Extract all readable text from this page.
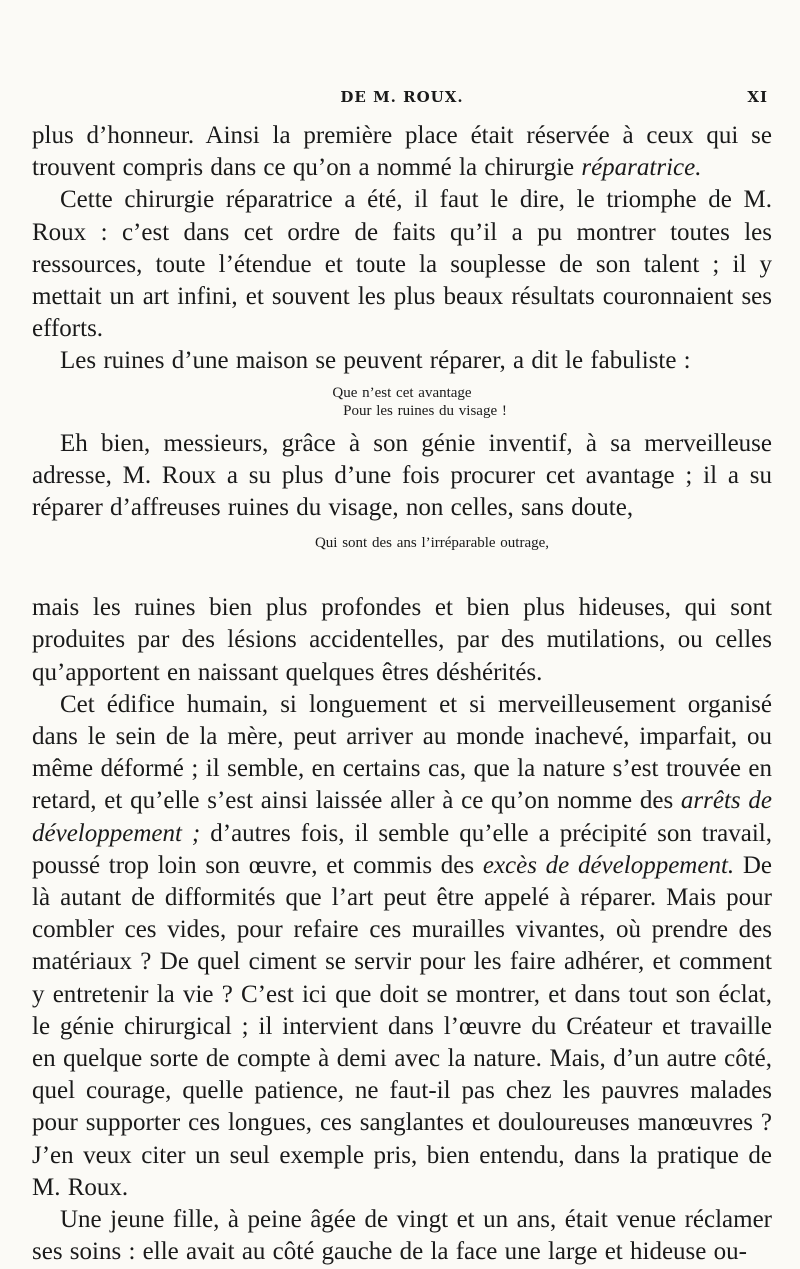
DE M. ROUX.	XI

plus d’honneur. Ainsi la première place était réservée à ceux qui se trouvent compris dans ce qu’on a nommé la chirurgie réparatrice.

Cette chirurgie réparatrice a été, il faut le dire, le triomphe de M. Roux : c’est dans cet ordre de faits qu’il a pu montrer toutes les ressources, toute l’étendue et toute la souplesse de son talent ; il y mettait un art infini, et souvent les plus beaux résultats couronnaient ses efforts.

Les ruines d’une maison se peuvent réparer, a dit le fabuliste :

Que n’est cet avantage
Pour les ruines du visage !

Eh bien, messieurs, grâce à son génie inventif, à sa merveilleuse adresse, M. Roux a su plus d’une fois procurer cet avantage ; il a su réparer d’affreuses ruines du visage, non celles, sans doute,

Qui sont des ans l’irréparable outrage,

mais les ruines bien plus profondes et bien plus hideuses, qui sont produites par des lésions accidentelles, par des mutilations, ou celles qu’apportent en naissant quelques êtres déshérités.

Cet édifice humain, si longuement et si merveilleusement organisé dans le sein de la mère, peut arriver au monde inachevé, imparfait, ou même déformé ; il semble, en certains cas, que la nature s’est trouvée en retard, et qu’elle s’est ainsi laissée aller à ce qu’on nomme des arrêts de développement ; d’autres fois, il semble qu’elle a précipité son travail, poussé trop loin son œuvre, et commis des excès de développement. De là autant de difformités que l’art peut être appelé à réparer. Mais pour combler ces vides, pour refaire ces murailles vivantes, où prendre des matériaux ? De quel ciment se servir pour les faire adhérer, et comment y entretenir la vie ? C’est ici que doit se montrer, et dans tout son éclat, le génie chirurgical ; il intervient dans l’œuvre du Créateur et travaille en quelque sorte de compte à demi avec la nature. Mais, d’un autre côté, quel courage, quelle patience, ne faut-il pas chez les pauvres malades pour supporter ces longues, ces sanglantes et douloureuses manœuvres ? J’en veux citer un seul exemple pris, bien entendu, dans la pratique de M. Roux.

Une jeune fille, à peine âgée de vingt et un ans, était venue réclamer ses soins : elle avait au côté gauche de la face une large et hideuse ou-
